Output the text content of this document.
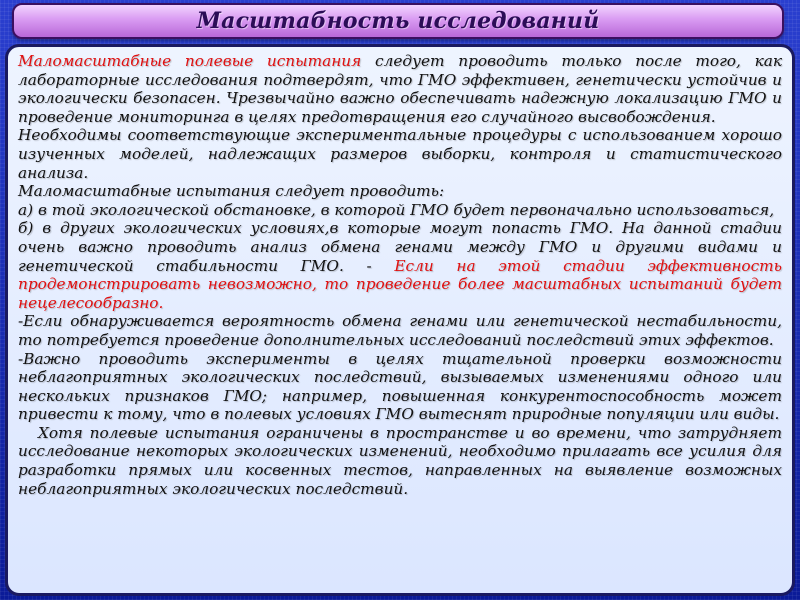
Масштабность исследований

Маломасштабные полевые испытания следует проводить только после того, как лабораторные исследования подтвердят, что ГМО эффективен, генетически устойчив и экологически безопасен. Чрезвычайно важно обеспечивать надежную локализацию ГМО и проведение мониторинга в целях предотвращения его случайного высвобождения.

Необходимы соответствующие экспериментальные процедуры с использованием хорошо изученных моделей, надлежащих размеров выборки, контроля и статистического анализа.

Маломасштабные испытания следует проводить:

а) в той экологической обстановке, в которой ГМО будет первоначально использоваться,

б) в других экологических условиях,в которые могут попасть ГМО. На данной стадии очень важно проводить анализ обмена генами между ГМО и другими видами и генетической стабильности ГМО. - Если на этой стадии эффективность продемонстрировать невозможно, то проведение более масштабных испытаний будет нецелесообразно.

-Если обнаруживается вероятность обмена генами или генетической нестабильности, то потребуется проведение дополнительных исследований последствий этих эффектов.

-Важно проводить эксперименты в целях тщательной проверки возможности неблагоприятных экологических последствий, вызываемых изменениями одного или нескольких признаков ГМО; например, повышенная конкурентоспособность может привести к тому, что в полевых условиях ГМО вытеснят природные популяции или виды.

Хотя полевые испытания ограничены в пространстве и во времени, что затрудняет исследование некоторых экологических изменений, необходимо прилагать все усилия для разработки прямых или косвенных тестов, направленных на выявление возможных неблагоприятных экологических последствий.
